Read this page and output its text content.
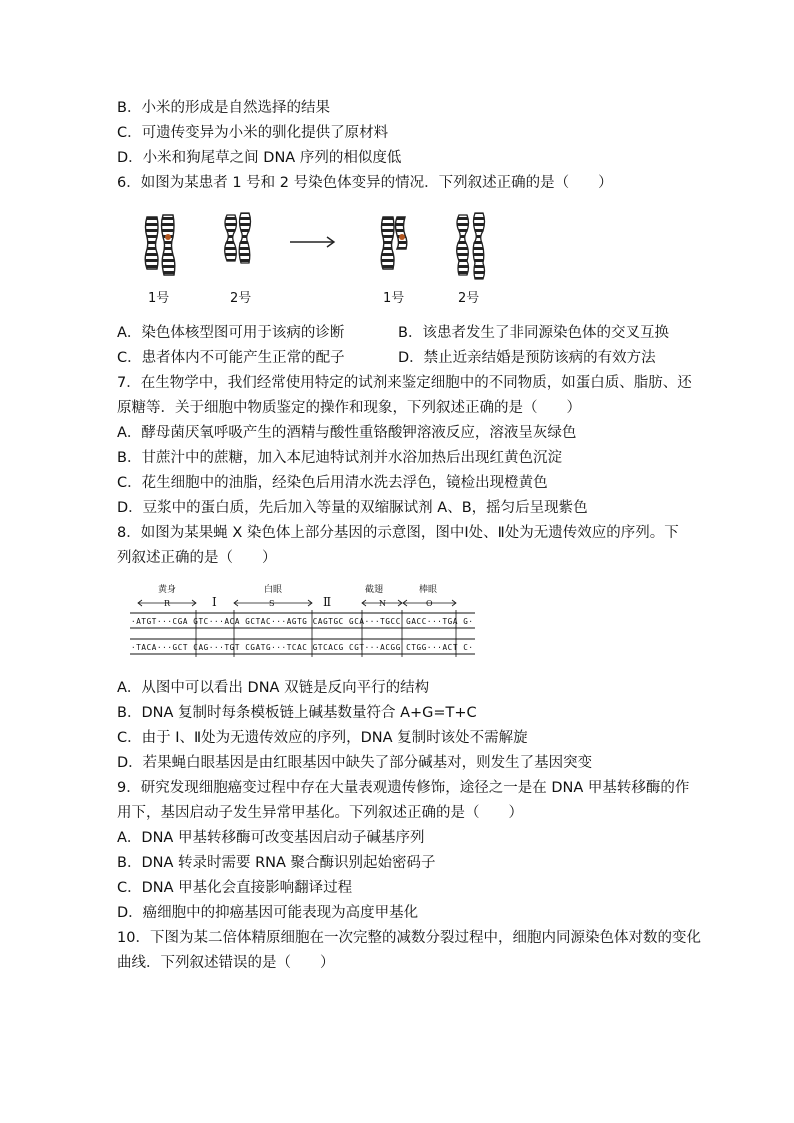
B．小米的形成是自然选择的结果
C．可遗传变异为小米的驯化提供了原材料
D．小米和狗尾草之间 DNA 序列的相似度低
6．如图为某患者 1 号和 2 号染色体变异的情况．下列叙述正确的是（　　）
1号	2号	1号	2号
A．染色体核型图可用于该病的诊断	B．该患者发生了非同源染色体的交叉互换
C．患者体内不可能产生正常的配子	D．禁止近亲结婚是预防该病的有效方法
7．在生物学中，我们经常使用特定的试剂来鉴定细胞中的不同物质，如蛋白质、脂肪、还
原糖等．关于细胞中物质鉴定的操作和现象，下列叙述正确的是（　　）
A．酵母菌厌氧呼吸产生的酒精与酸性重铬酸钾溶液反应，溶液呈灰绿色
B．甘蔗汁中的蔗糖，加入本尼迪特试剂并水浴加热后出现红黄色沉淀
C．花生细胞中的油脂，经染色后用清水洗去浮色，镜检出现橙黄色
D．豆浆中的蛋白质，先后加入等量的双缩脲试剂 A、B，摇匀后呈现紫色
8．如图为某果蝇 X 染色体上部分基因的示意图，图中Ⅰ处、Ⅱ处为无遗传效应的序列。下
列叙述正确的是（　　）
黄身	白眼	截翅	棒眼
Ⅰ	Ⅱ
R	S	N	O
·ATGT···CGA GTC···ACA GCTAC···AGTG CAGTGC GCA···TGCC GACC···TGA G·
·TACA···GCT CAG···TGT CGATG···TCAC GTCACG CGT···ACGG CTGG···ACT C·
A．从图中可以看出 DNA 双链是反向平行的结构
B．DNA 复制时每条模板链上碱基数量符合 A+G=T+C
C．由于 I、Ⅱ处为无遗传效应的序列，DNA 复制时该处不需解旋
D．若果蝇白眼基因是由红眼基因中缺失了部分碱基对，则发生了基因突变
9．研究发现细胞癌变过程中存在大量表观遗传修饰，途径之一是在 DNA 甲基转移酶的作
用下，基因启动子发生异常甲基化。下列叙述正确的是（　　）
A．DNA 甲基转移酶可改变基因启动子碱基序列
B．DNA 转录时需要 RNA 聚合酶识别起始密码子
C．DNA 甲基化会直接影响翻译过程
D．癌细胞中的抑癌基因可能表现为高度甲基化
10．下图为某二倍体精原细胞在一次完整的减数分裂过程中，细胞内同源染色体对数的变化
曲线．下列叙述错误的是（　　）
